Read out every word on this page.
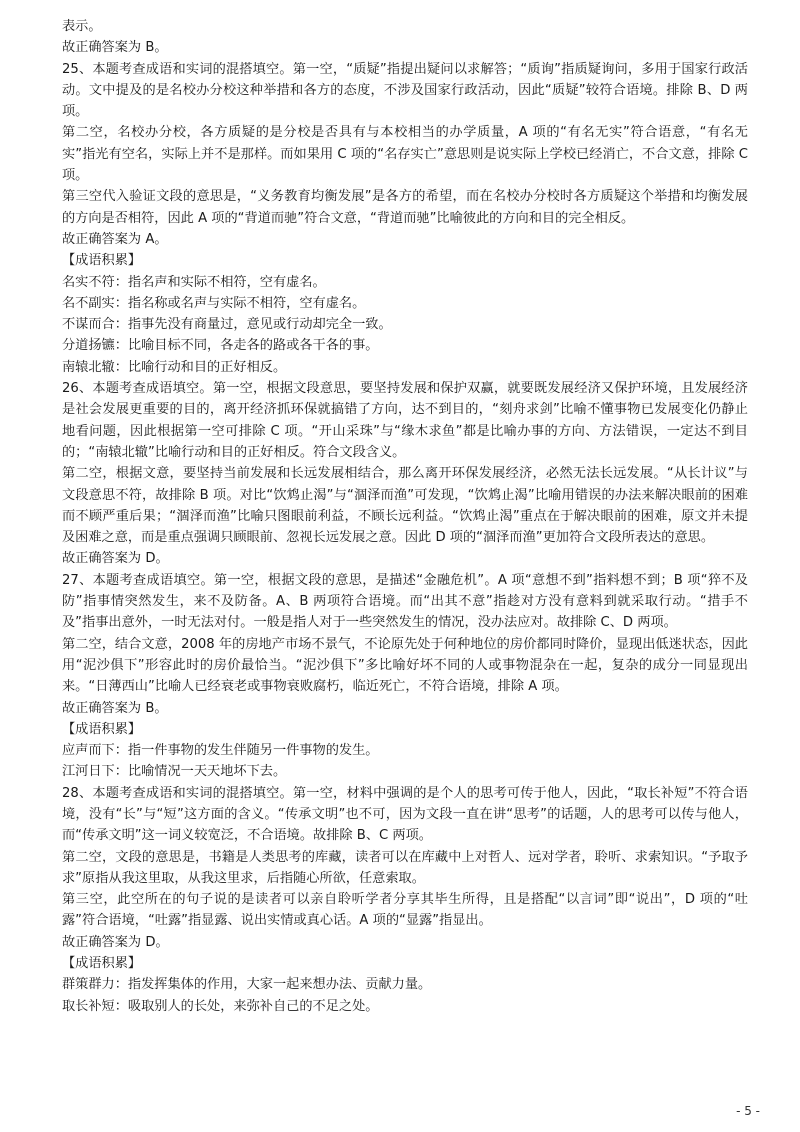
表示。

故正确答案为 B。

25、本题考查成语和实词的混搭填空。第一空，“质疑”指提出疑问以求解答；“质询”指质疑询问，多用于国家行政活动。文中提及的是名校办分校这种举措和各方的态度，不涉及国家行政活动，因此“质疑”较符合语境。排除 B、D 两项。

第二空，名校办分校，各方质疑的是分校是否具有与本校相当的办学质量，A 项的“有名无实”符合语意，“有名无实”指光有空名，实际上并不是那样。而如果用 C 项的“名存实亡”意思则是说实际上学校已经消亡，不合文意，排除 C 项。

第三空代入验证文段的意思是，“义务教育均衡发展”是各方的希望，而在名校办分校时各方质疑这个举措和均衡发展的方向是否相符，因此 A 项的“背道而驰”符合文意，“背道而驰”比喻彼此的方向和目的完全相反。

故正确答案为 A。

【成语积累】

名实不符：指名声和实际不相符，空有虚名。

名不副实：指名称或名声与实际不相符，空有虚名。

不谋而合：指事先没有商量过，意见或行动却完全一致。

分道扬镳：比喻目标不同，各走各的路或各干各的事。

南辕北辙：比喻行动和目的正好相反。

26、本题考查成语填空。第一空，根据文段意思，要坚持发展和保护双赢，就要既发展经济又保护环境，且发展经济是社会发展更重要的目的，离开经济抓环保就搞错了方向，达不到目的，“刻舟求剑”比喻不懂事物已发展变化仍静止地看问题，因此根据第一空可排除 C 项。“开山采珠”与“缘木求鱼”都是比喻办事的方向、方法错误，一定达不到目的；“南辕北辙”比喻行动和目的正好相反。符合文段含义。

第二空，根据文意，要坚持当前发展和长远发展相结合，那么离开环保发展经济，必然无法长远发展。“从长计议”与文段意思不符，故排除 B 项。对比“饮鸩止渴”与“涸泽而渔”可发现，“饮鸩止渴”比喻用错误的办法来解决眼前的困难而不顾严重后果；“涸泽而渔”比喻只图眼前利益，不顾长远利益。“饮鸩止渴”重点在于解决眼前的困难，原文并未提及困难之意，而是重点强调只顾眼前、忽视长远发展之意。因此 D 项的“涸泽而渔”更加符合文段所表达的意思。

故正确答案为 D。

27、本题考查成语填空。第一空，根据文段的意思，是描述“金融危机”。A 项“意想不到”指料想不到；B 项“猝不及防”指事情突然发生，来不及防备。A、B 两项符合语境。而“出其不意”指趁对方没有意料到就采取行动。“措手不及”指事出意外，一时无法对付。一般是指人对于一些突然发生的情况，没办法应对。故排除 C、D 两项。

第二空，结合文意，2008 年的房地产市场不景气，不论原先处于何种地位的房价都同时降价，显现出低迷状态，因此用“泥沙俱下”形容此时的房价最恰当。“泥沙俱下”多比喻好坏不同的人或事物混杂在一起，复杂的成分一同显现出来。“日薄西山”比喻人已经衰老或事物衰败腐朽，临近死亡，不符合语境，排除 A 项。

故正确答案为 B。

【成语积累】

应声而下：指一件事物的发生伴随另一件事物的发生。

江河日下：比喻情况一天天地坏下去。

28、本题考查成语和实词的混搭填空。第一空，材料中强调的是个人的思考可传于他人，因此，“取长补短”不符合语境，没有“长”与“短”这方面的含义。“传承文明”也不可，因为文段一直在讲“思考”的话题，人的思考可以传与他人，而“传承文明”这一词义较宽泛，不合语境。故排除 B、C 两项。

第二空，文段的意思是，书籍是人类思考的库藏，读者可以在库藏中上对哲人、远对学者，聆听、求索知识。“予取予求”原指从我这里取，从我这里求，后指随心所欲，任意索取。

第三空，此空所在的句子说的是读者可以亲自聆听学者分享其毕生所得，且是搭配“以言词”即“说出”，D 项的“吐露”符合语境，“吐露”指显露、说出实情或真心话。A 项的“显露”指显出。

故正确答案为 D。

【成语积累】

群策群力：指发挥集体的作用，大家一起来想办法、贡献力量。

取长补短：吸取别人的长处，来弥补自己的不足之处。

- 5 -
